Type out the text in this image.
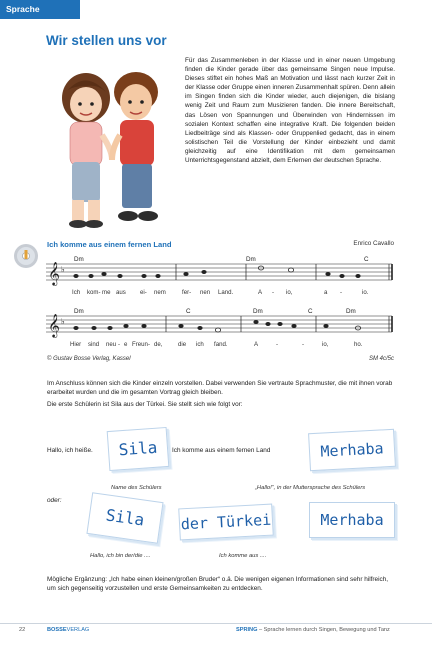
Sprache
Wir stellen uns vor
Für das Zusammenleben in der Klasse und in einer neuen Umgebung finden die Kinder gerade über das gemeinsame Singen neue Impulse. Dieses stiftet ein hohes Maß an Motivation und lässt nach kurzer Zeit in der Klasse oder Gruppe einen inneren Zusammenhalt spüren. Denn allein im Singen finden sich die Kinder wieder, auch diejenigen, die bislang wenig Zeit und Raum zum Musizieren fanden. Die innere Bereitschaft, das Lösen von Spannungen und Überwinden von Hindernissen im sozialen Kontext schaffen eine integrative Kraft. Die folgenden beiden Liedbeiträge sind als Klassen- oder Gruppenlied gedacht, das in einem solistischen Teil die Vorstellung der Kinder einbezieht und damit gleichzeitig auf eine Identifikation mit dem gemeinsamen Unterrichtsgegenstand abzielt, dem Erlernen der deutschen Sprache.
Ich komme aus einem fernen Land	Enrico Cavallo
𝄞
𝄞
♭
♭
Dm	Dm	C
Dm	C	Dm	C	Dm
Ich kom- me aus ei- nem	fer- nen Land.	A - io,	a -	io.
Hier sind neu - e Freun - de,	die ich fand.	A	-	-	io,	ho.
© Gustav Bosse Verlag, Kassel	SM 4c/5c
Im Anschluss können sich die Kinder einzeln vorstellen. Dabei verwenden Sie vertraute Sprachmuster, die mit ihnen vorab erarbeitet wurden und die im gesamten Vortrag gleich bleiben.
Die erste Schülerin ist Sila aus der Türkei. Sie stellt sich wie folgt vor:
Hallo, ich heiße.	Sila	Ich komme aus einem fernen Land	Merhaba
Name des Schülers	„Hallo!“, in der Muttersprache des Schülers
oder:
Sila	der Türkei	Merhaba
Hallo, ich bin der/die ....	Ich komme aus ....
Mögliche Ergänzung: „Ich habe einen kleinen/großen Bruder“ o.ä. Die wenigen eigenen Informationen sind sehr hilfreich, um sich gegenseitig vorzustellen und erste Gemeinsamkeiten zu entdecken.
22	BOSSEVERLAG	SPRING – Sprache lernen durch Singen, Bewegung und Tanz
